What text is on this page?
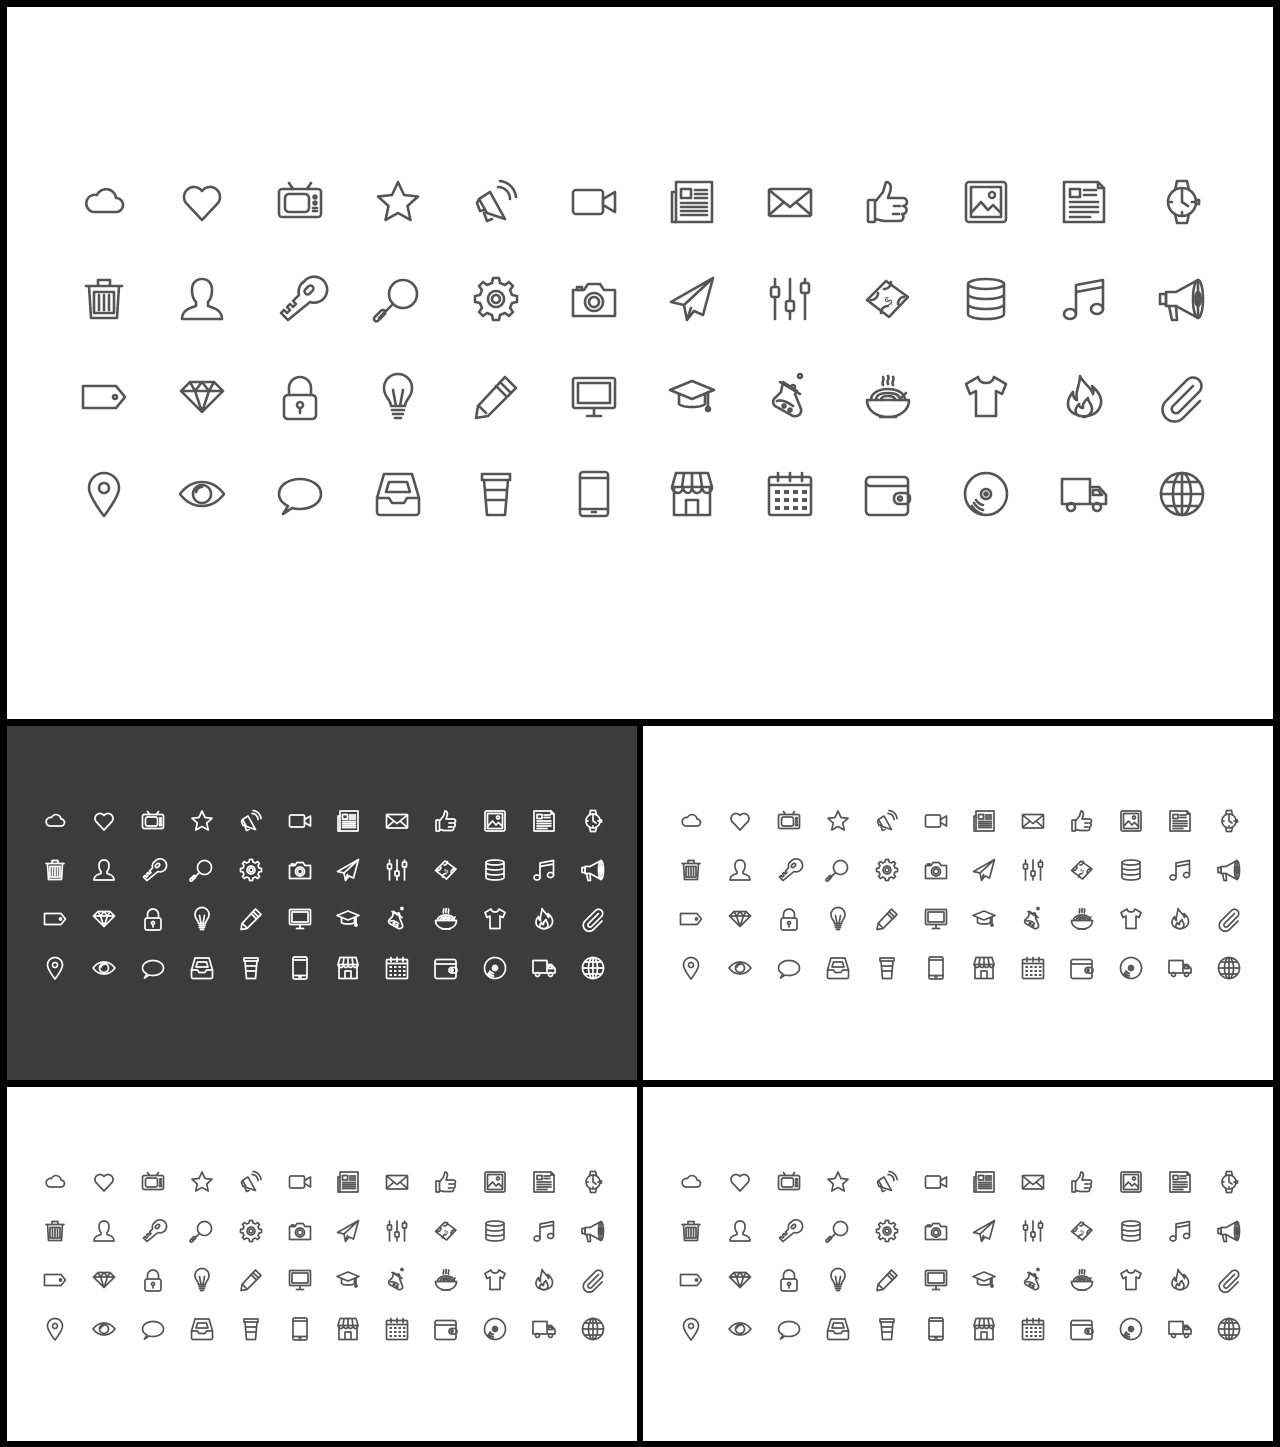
$
$	$
$	$
